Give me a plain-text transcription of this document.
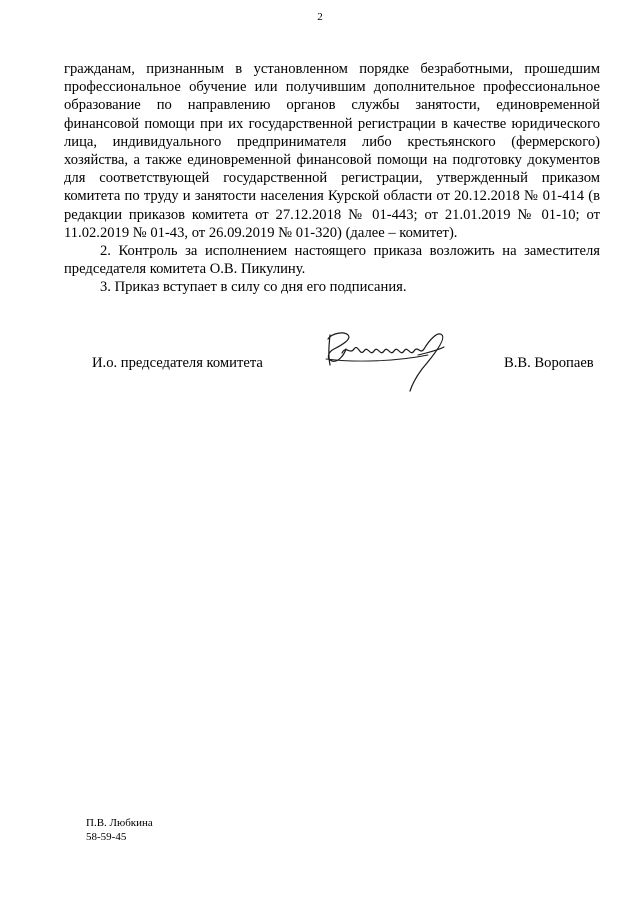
2

гражданам, признанным в установленном порядке безработными, прошедшим профессиональное обучение или получившим дополнительное профессиональное образование по направлению органов службы занятости, единовременной финансовой помощи при их государственной регистрации в качестве юридического лица, индивидуального предпринимателя либо крестьянского (фермерского) хозяйства, а также единовременной финансовой помощи на подготовку документов для соответствующей государственной регистрации, утвержденный приказом комитета по труду и занятости населения Курской области от 20.12.2018 № 01-414 (в редакции приказов комитета от 27.12.2018 № 01-443; от 21.01.2019 № 01-10; от 11.02.2019 № 01-43, от 26.09.2019 № 01-320) (далее – комитет).

2. Контроль за исполнением настоящего приказа возложить на заместителя председателя комитета О.В. Пикулину.

3. Приказ вступает в силу со дня его подписания.

И.о. председателя комитета	В.В. Воропаев
П.В. Любкина
58-59-45
